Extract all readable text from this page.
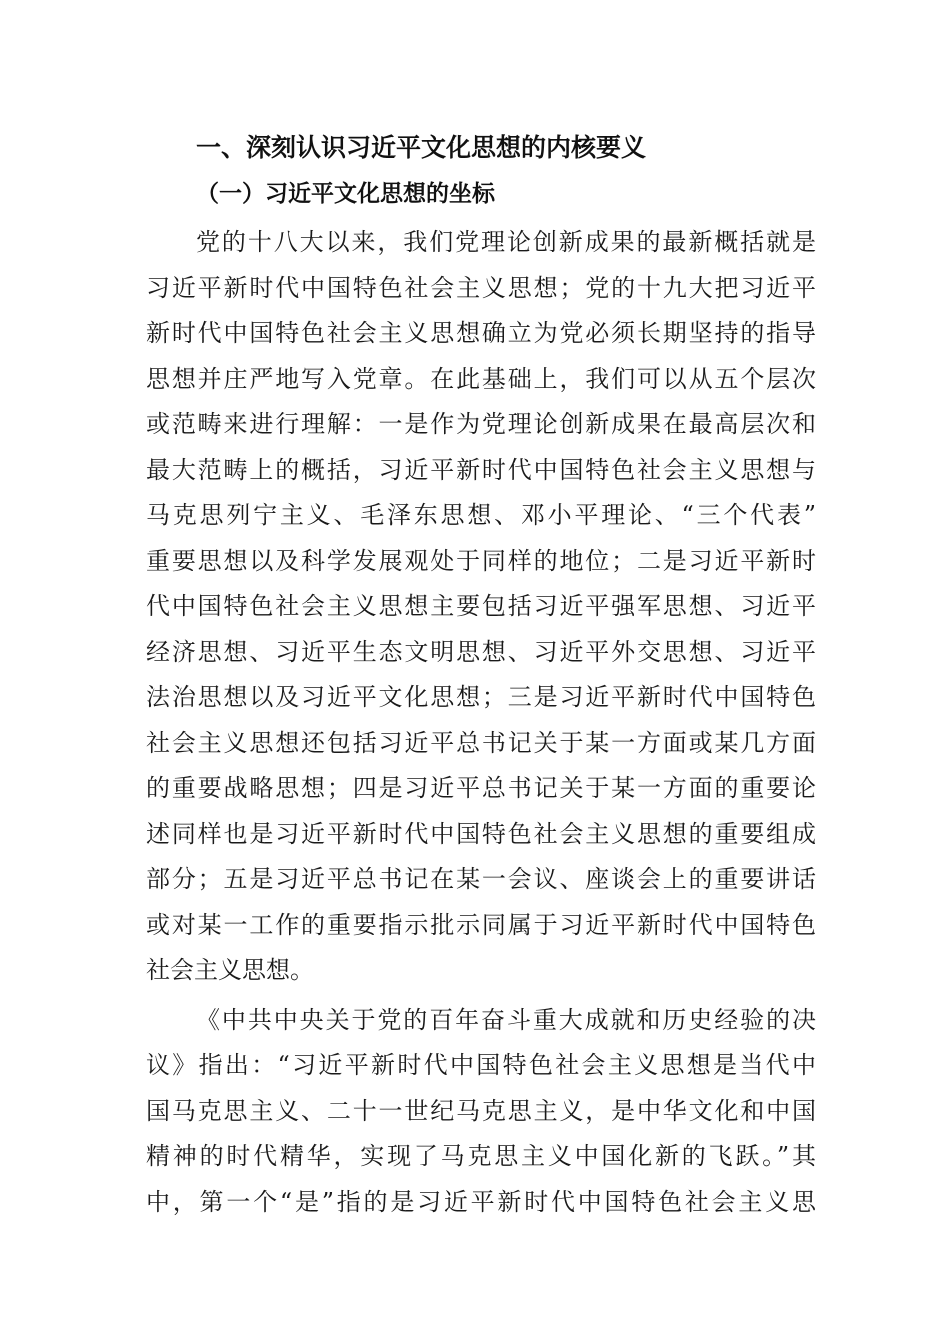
一、深刻认识习近平文化思想的内核要义
（一）习近平文化思想的坐标
党的十八大以来，我们党理论创新成果的最新概括就是
习近平新时代中国特色社会主义思想；党的十九大把习近平
新时代中国特色社会主义思想确立为党必须长期坚持的指导
思想并庄严地写入党章。在此基础上，我们可以从五个层次
或范畴来进行理解：一是作为党理论创新成果在最高层次和
最大范畴上的概括，习近平新时代中国特色社会主义思想与
马克思列宁主义、毛泽东思想、邓小平理论、“三个代表”
重要思想以及科学发展观处于同样的地位；二是习近平新时
代中国特色社会主义思想主要包括习近平强军思想、习近平
经济思想、习近平生态文明思想、习近平外交思想、习近平
法治思想以及习近平文化思想；三是习近平新时代中国特色
社会主义思想还包括习近平总书记关于某一方面或某几方面
的重要战略思想；四是习近平总书记关于某一方面的重要论
述同样也是习近平新时代中国特色社会主义思想的重要组成
部分；五是习近平总书记在某一会议、座谈会上的重要讲话
或对某一工作的重要指示批示同属于习近平新时代中国特色
社会主义思想。
《中共中央关于党的百年奋斗重大成就和历史经验的决
议》指出：“习近平新时代中国特色社会主义思想是当代中
国马克思主义、二十一世纪马克思主义，是中华文化和中国
精神的时代精华，实现了马克思主义中国化新的飞跃。”其
中，第一个“是”指的是习近平新时代中国特色社会主义思
